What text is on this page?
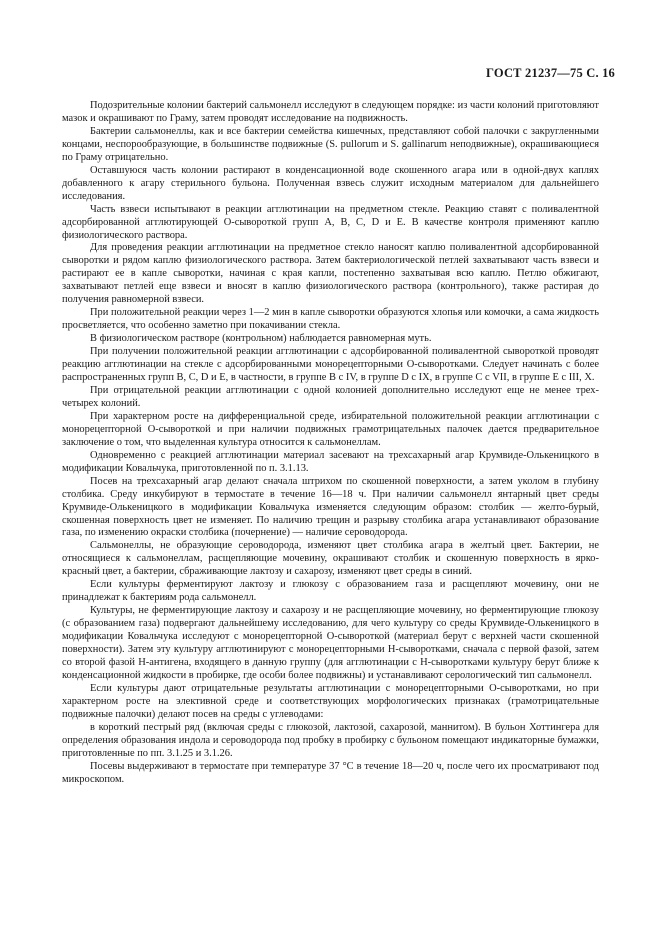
ГОСТ 21237—75 С. 16

Подозрительные колонии бактерий сальмонелл исследуют в следующем порядке: из части колоний приготовляют мазок и окрашивают по Граму, затем проводят исследование на подвижность.

Бактерии сальмонеллы, как и все бактерии семейства кишечных, представляют собой палочки с закругленными концами, неспорообразующие, в большинстве подвижные (S. pullorum и S. gallinarum неподвижные), окрашивающиеся по Граму отрицательно.

Оставшуюся часть колонии растирают в конденсационной воде скошенного агара или в одной-двух каплях добавленного к агару стерильного бульона. Полученная взвесь служит исходным материалом для дальнейшего исследования.

Часть взвеси испытывают в реакции агглютинации на предметном стекле. Реакцию ставят с поливалентной адсорбированной агглютирующей О-сывороткой групп А, В, С, D и Е. В качестве контроля применяют каплю физиологического раствора.

Для проведения реакции агглютинации на предметное стекло наносят каплю поливалентной адсорбированной сыворотки и рядом каплю физиологического раствора. Затем бактериологической петлей захватывают часть взвеси и растирают ее в капле сыворотки, начиная с края капли, постепенно захватывая всю каплю. Петлю обжигают, захватывают петлей еще взвеси и вносят в каплю физиологического раствора (контрольного), также растирая до получения равномерной взвеси.

При положительной реакции через 1—2 мин в капле сыворотки образуются хлопья или комочки, а сама жидкость просветляется, что особенно заметно при покачивании стекла.

В физиологическом растворе (контрольном) наблюдается равномерная муть.

При получении положительной реакции агглютинации с адсорбированной поливалентной сывороткой проводят реакцию агглютинации на стекле с адсорбированными монорецепторными О-сыворотками. Следует начинать с более распространенных групп В, С, D и Е, в частности, в группе В с IV, в группе D с IX, в группе С с VII, в группе Е с III, X.

При отрицательной реакции агглютинации с одной колонией дополнительно исследуют еще не менее трех-четырех колоний.

При характерном росте на дифференциальной среде, избирательной положительной реакции агглютинации с монорецепторной О-сывороткой и при наличии подвижных грамотрицательных палочек дается предварительное заключение о том, что выделенная культура относится к сальмонеллам.

Одновременно с реакцией агглютинации материал засевают на трехсахарный агар Крумвиде-Олькеницкого в модификации Ковальчука, приготовленной по п. 3.1.13.

Посев на трехсахарный агар делают сначала штрихом по скошенной поверхности, а затем уколом в глубину столбика. Среду инкубируют в термостате в течение 16—18 ч. При наличии сальмонелл янтарный цвет среды Крумвиде-Олькеницкого в модификации Ковальчука изменяется следующим образом: столбик — желто-бурый, скошенная поверхность цвет не изменяет. По наличию трещин и разрыву столбика агара устанавливают образование газа, по изменению окраски столбика (почернение) — наличие сероводорода.

Сальмонеллы, не образующие сероводорода, изменяют цвет столбика агара в желтый цвет. Бактерии, не относящиеся к сальмонеллам, расщепляющие мочевину, окрашивают столбик и скошенную поверхность в ярко-красный цвет, а бактерии, сбраживающие лактозу и сахарозу, изменяют цвет среды в синий.

Если культуры ферментируют лактозу и глюкозу с образованием газа и расщепляют мочевину, они не принадлежат к бактериям рода сальмонелл.

Культуры, не ферментирующие лактозу и сахарозу и не расщепляющие мочевину, но ферментирующие глюкозу (с образованием газа) подвергают дальнейшему исследованию, для чего культуру со среды Крумвиде-Олькеницкого в модификации Ковальчука исследуют с монорецепторной О-сывороткой (материал берут с верхней части скошенной поверхности). Затем эту культуру агглютинируют с монорецепторными Н-сыворотками, сначала с первой фазой, затем со второй фазой Н-антигена, входящего в данную группу (для агглютинации с Н-сыворотками культуру берут ближе к конденсационной жидкости в пробирке, где особи более подвижны) и устанавливают серологический тип сальмонелл.

Если культуры дают отрицательные результаты агглютинации с монорецепторными О-сыворотками, но при характерном росте на элективной среде и соответствующих морфологических признаках (грамотрицательные подвижные палочки) делают посев на среды с углеводами:

в короткий пестрый ряд (включая среды с глюкозой, лактозой, сахарозой, маннитом). В бульон Хоттингера для определения образования индола и сероводорода под пробку в пробирку с бульоном помещают индикаторные бумажки, приготовленные по пп. 3.1.25 и 3.1.26.

Посевы выдерживают в термостате при температуре 37 °С в течение 18—20 ч, после чего их просматривают под микроскопом.
